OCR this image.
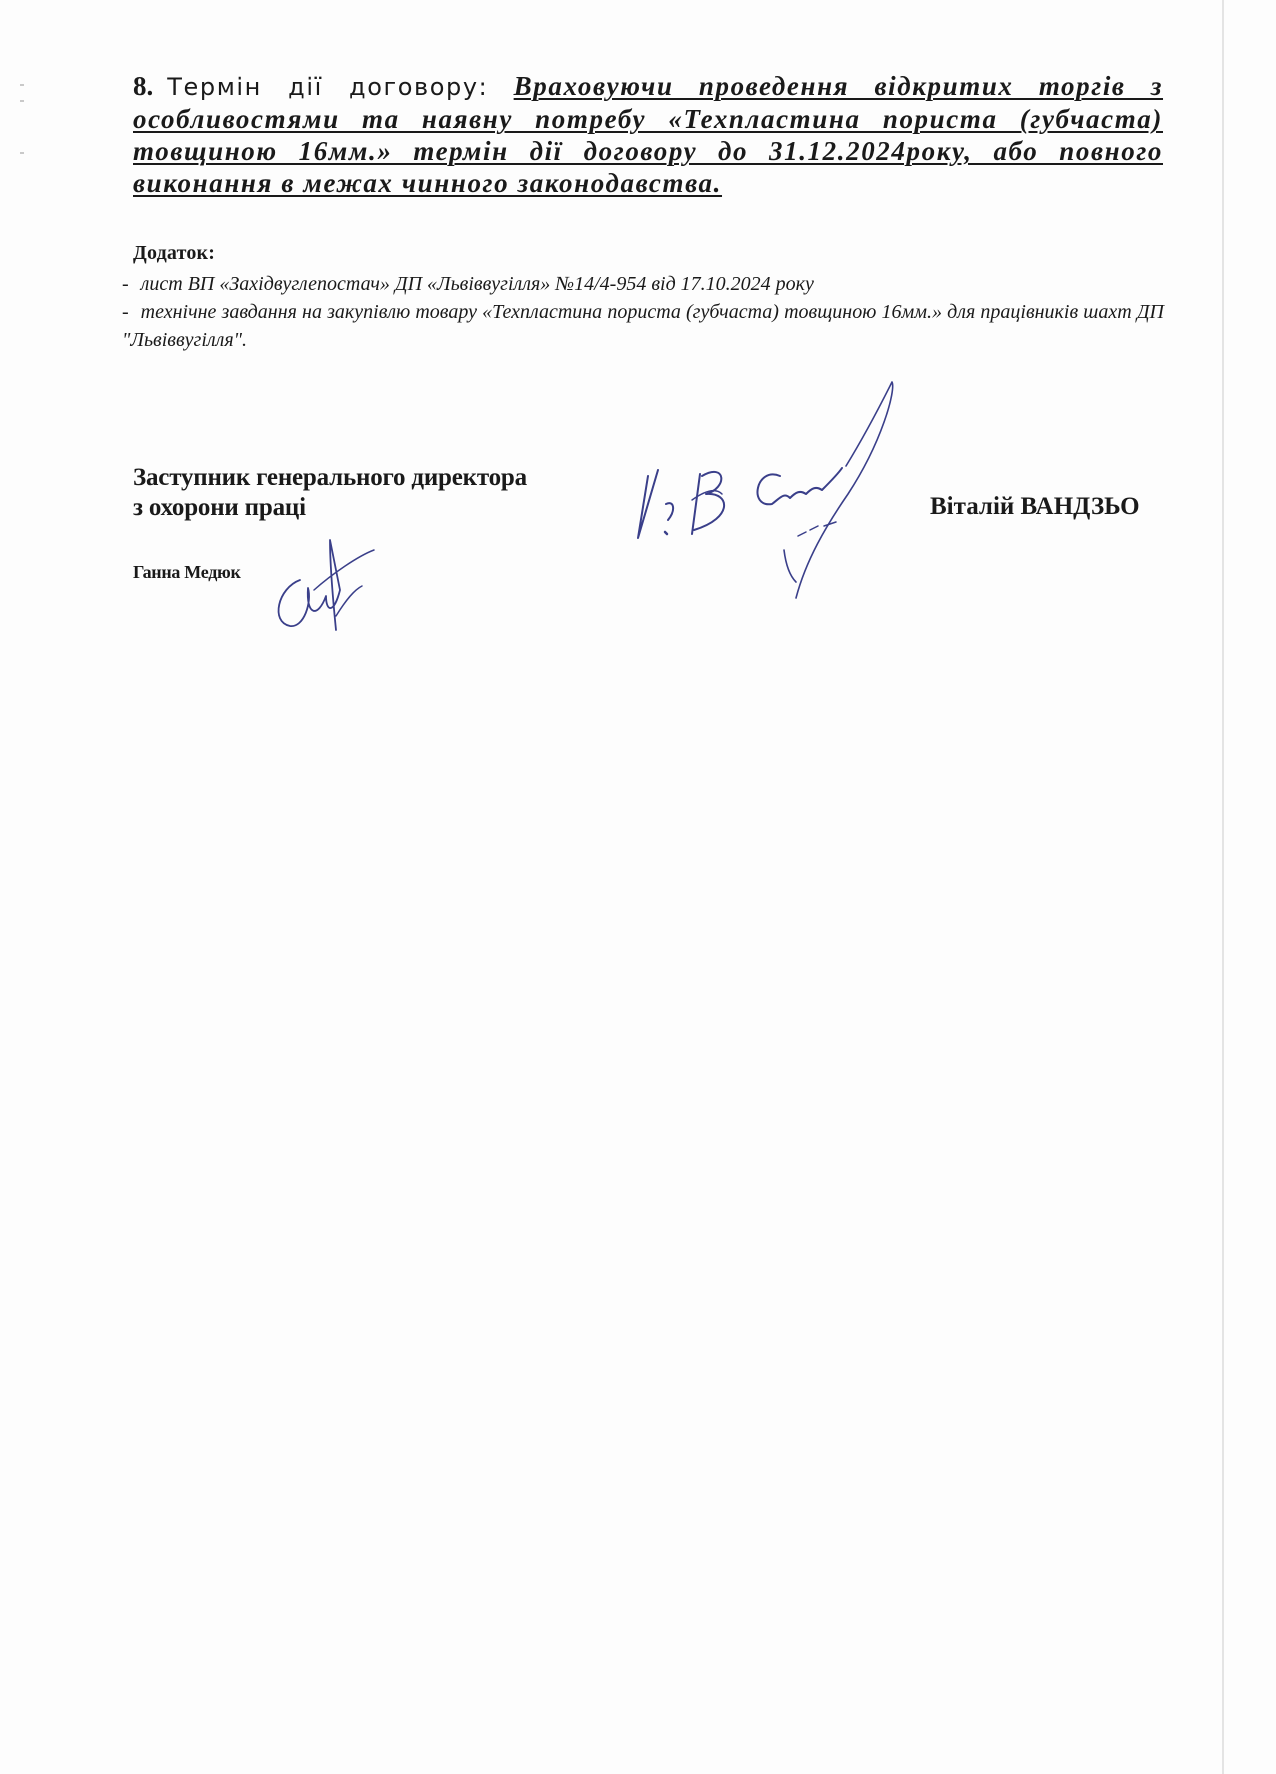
8. Термін дії договору: Враховуючи проведення відкритих торгів з особливостями та наявну потребу «Техпластина пориста (губчаста) товщиною 16мм.» термін дії договору до 31.12.2024року, або повного виконання в межах чинного законодавства.
Додаток:

- лист ВП «Західвуглепостач» ДП «Львіввугілля» №14/4-954 від 17.10.2024 року

- технічне завдання на закупівлю товару «Техпластина пориста (губчаста) товщиною 16мм.» для працівників шахт ДП "Львіввугілля".

Заступник генерального директора
з охорони праці	Віталій ВАНДЗЬО
Ганна Медюк
